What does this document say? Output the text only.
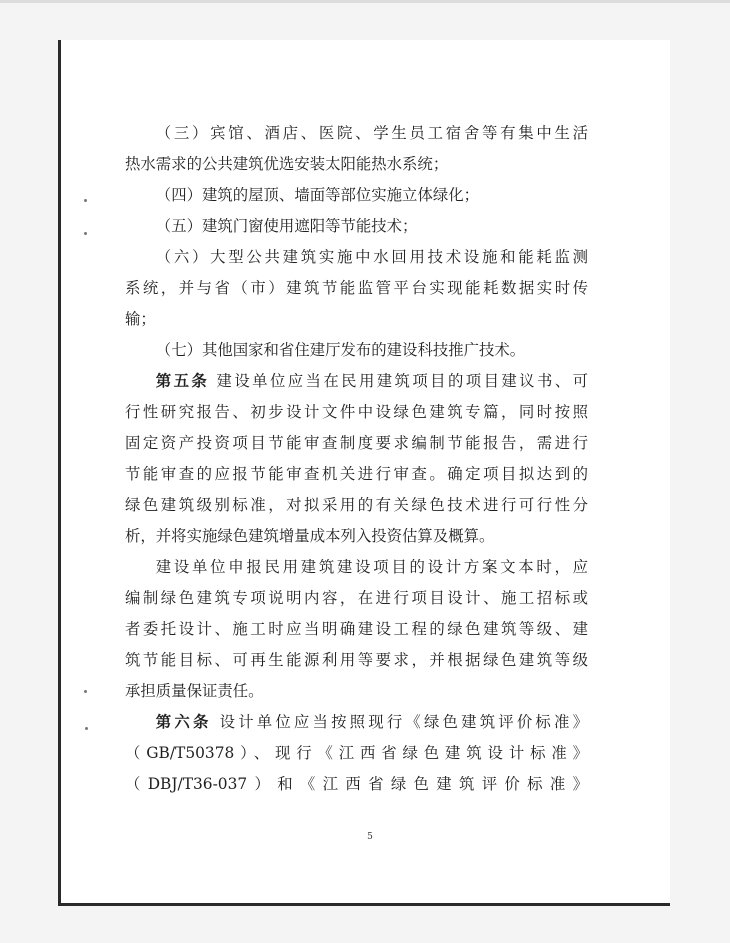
（三）宾馆、酒店、医院、学生员工宿舍等有集中生活
热水需求的公共建筑优选安装太阳能热水系统；
（四）建筑的屋顶、墙面等部位实施立体绿化；
（五）建筑门窗使用遮阳等节能技术；
（六）大型公共建筑实施中水回用技术设施和能耗监测
系统，并与省（市）建筑节能监管平台实现能耗数据实时传
输；
（七）其他国家和省住建厅发布的建设科技推广技术。
第五条 建设单位应当在民用建筑项目的项目建议书、可
行性研究报告、初步设计文件中设绿色建筑专篇，同时按照
固定资产投资项目节能审查制度要求编制节能报告，需进行
节能审查的应报节能审查机关进行审查。确定项目拟达到的
绿色建筑级别标准，对拟采用的有关绿色技术进行可行性分
析，并将实施绿色建筑增量成本列入投资估算及概算。
建设单位申报民用建筑建设项目的设计方案文本时，应
编制绿色建筑专项说明内容，在进行项目设计、施工招标或
者委托设计、施工时应当明确建设工程的绿色建筑等级、建
筑节能目标、可再生能源利用等要求，并根据绿色建筑等级
承担质量保证责任。
第六条 设计单位应当按照现行《绿色建筑评价标准》
（GB/T50378）、现行《江西省绿色建筑设计标准》
（DBJ/T36-037）和《江西省绿色建筑评价标准》
5
